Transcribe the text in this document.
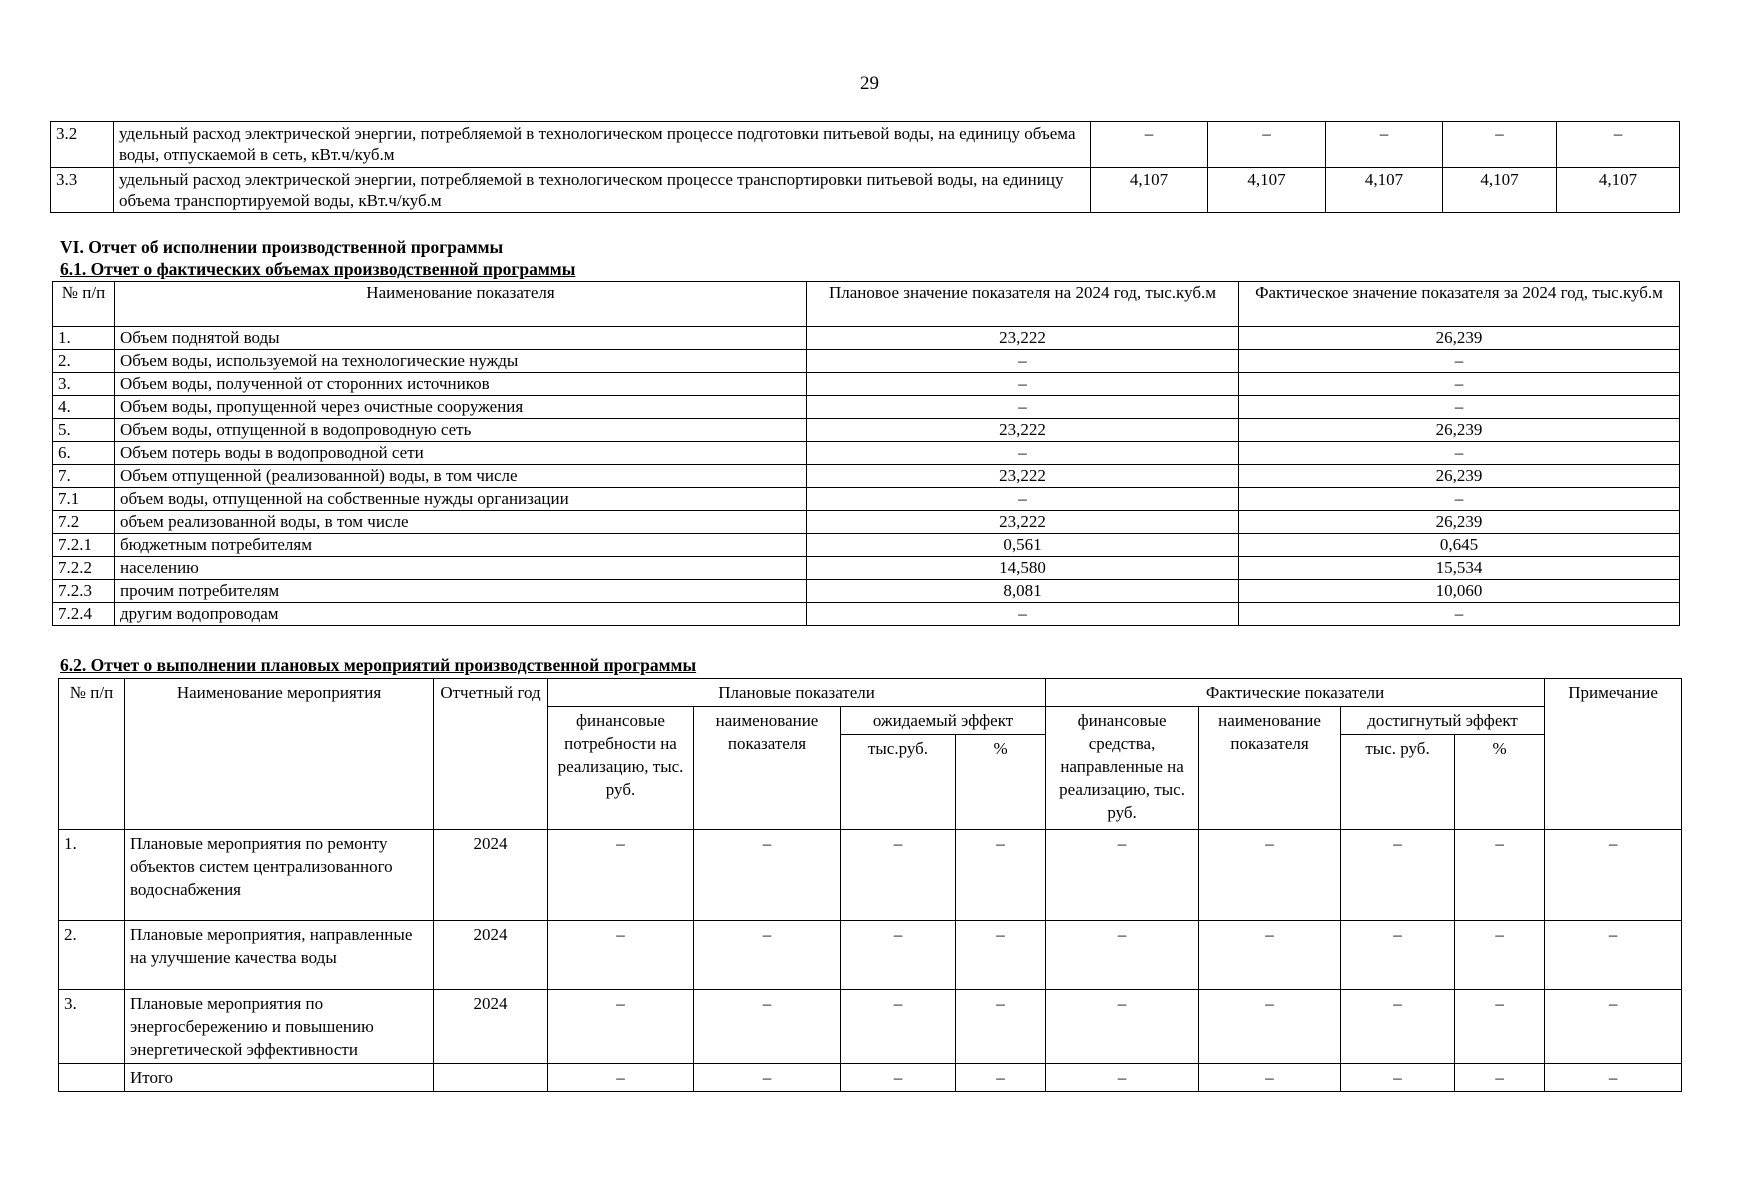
29
3.2	удельный расход электрической энергии, потребляемой в технологическом процессе подготовки питьевой воды, на единицу объема воды, отпускаемой в сеть, кВт.ч/куб.м	–	–	–	–	–
3.3	удельный расход электрической энергии, потребляемой в технологическом процессе транспортировки питьевой воды, на единицу объема транспортируемой воды, кВт.ч/куб.м	4,107	4,107	4,107	4,107	4,107
VI. Отчет об исполнении производственной программы
6.1. Отчет о фактических объемах производственной программы
№ п/п	Наименование показателя	Плановое значение показателя на 2024 год, тыс.куб.м	Фактическое значение показателя за 2024 год, тыс.куб.м
1.	Объем поднятой воды	23,222	26,239
2.	Объем воды, используемой на технологические нужды	–	–
3.	Объем воды, полученной от сторонних источников	–	–
4.	Объем воды, пропущенной через очистные сооружения	–	–
5.	Объем воды, отпущенной в водопроводную сеть	23,222	26,239
6.	Объем потерь воды в водопроводной сети	–	–
7.	Объем отпущенной (реализованной) воды, в том числе	23,222	26,239
7.1	объем воды, отпущенной на собственные нужды организации	–	–
7.2	объем реализованной воды, в том числе	23,222	26,239
7.2.1	бюджетным потребителям	0,561	0,645
7.2.2	населению	14,580	15,534
7.2.3	прочим потребителям	8,081	10,060
7.2.4	другим водопроводам	–	–
6.2. Отчет о выполнении плановых мероприятий производственной программы
№ п/п	Наименование мероприятия	Отчетный год	Плановые показатели				Фактические показатели				Примечание
			финансовые потребности на реализацию, тыс. руб.	наименование показателя	ожидаемый эффект		финансовые средства, направленные на реализацию, тыс. руб.	наименование показателя	достигнутый эффект		
					тыс.руб.	%			тыс. руб.	%	
1.	Плановые мероприятия по ремонту объектов систем централизованного водоснабжения	2024	–	–	–	–	–	–	–	–	–
2.	Плановые мероприятия, направленные на улучшение качества воды	2024	–	–	–	–	–	–	–	–	–
3.	Плановые мероприятия по энергосбережению и повышению энергетической эффективности	2024	–	–	–	–	–	–	–	–	–
	Итого		–	–	–	–	–	–	–	–	–
